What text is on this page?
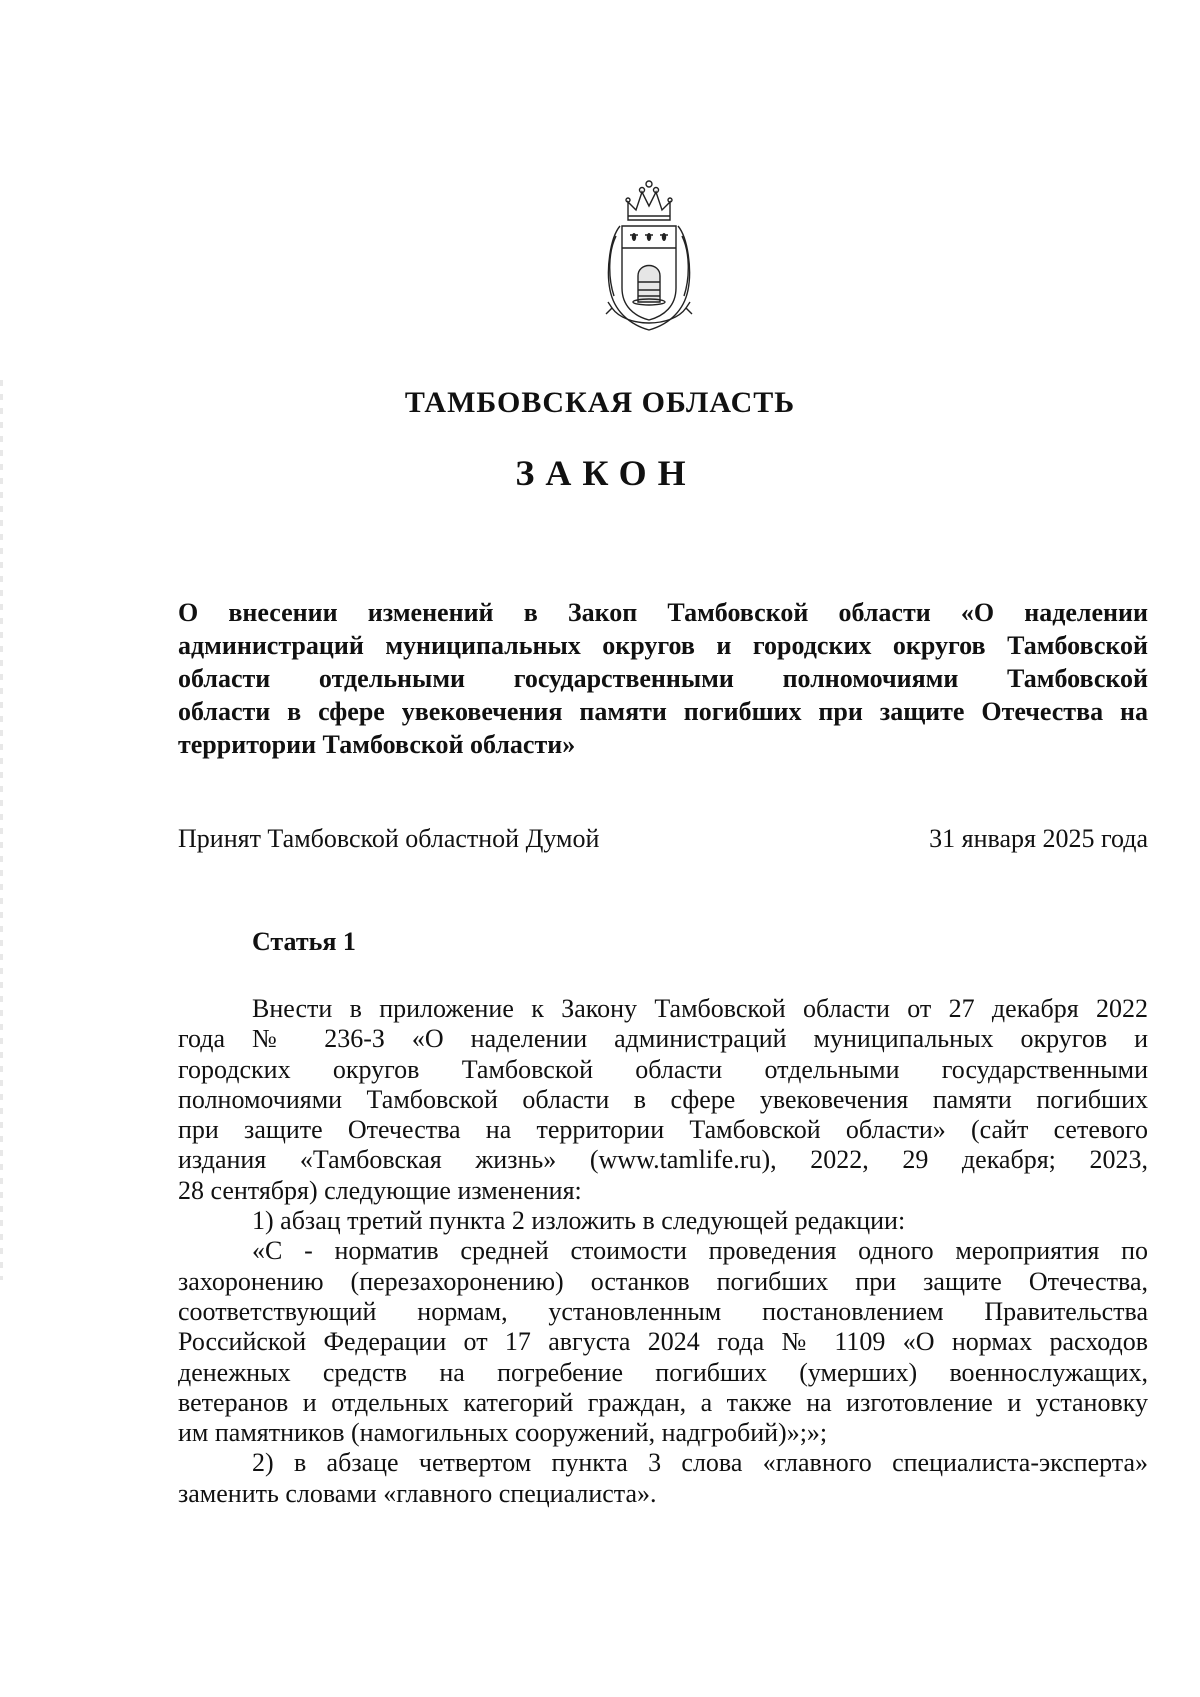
ТАМБОВСКАЯ ОБЛАСТЬ
ЗАКОН
О внесении изменений в Закоп Тамбовской области «О наделении
администраций муниципальных округов и городских округов Тамбовской
области отдельными государственными полномочиями Тамбовской
области в сфере увековечения памяти погибших при защите Отечества на
территории Тамбовской области»
Принят Тамбовской областной Думой	31 января 2025 года
Статья 1
Внести в приложение к Закону Тамбовской области от 27 декабря 2022
года № 236-З «О наделении администраций муниципальных округов и
городских округов Тамбовской области отдельными государственными
полномочиями Тамбовской области в сфере увековечения памяти погибших
при защите Отечества на территории Тамбовской области» (сайт сетевого
издания «Тамбовская жизнь» (www.tamlife.ru), 2022, 29 декабря; 2023,
28 сентября) следующие изменения:
1) абзац третий пункта 2 изложить в следующей редакции:
«С - норматив средней стоимости проведения одного мероприятия по
захоронению (перезахоронению) останков погибших при защите Отечества,
соответствующий нормам, установленным постановлением Правительства
Российской Федерации от 17 августа 2024 года № 1109 «О нормах расходов
денежных средств на погребение погибших (умерших) военнослужащих,
ветеранов и отдельных категорий граждан, а также на изготовление и установку
им памятников (намогильных сооружений, надгробий)»;»;
2) в абзаце четвертом пункта 3 слова «главного специалиста-эксперта»
заменить словами «главного специалиста».
